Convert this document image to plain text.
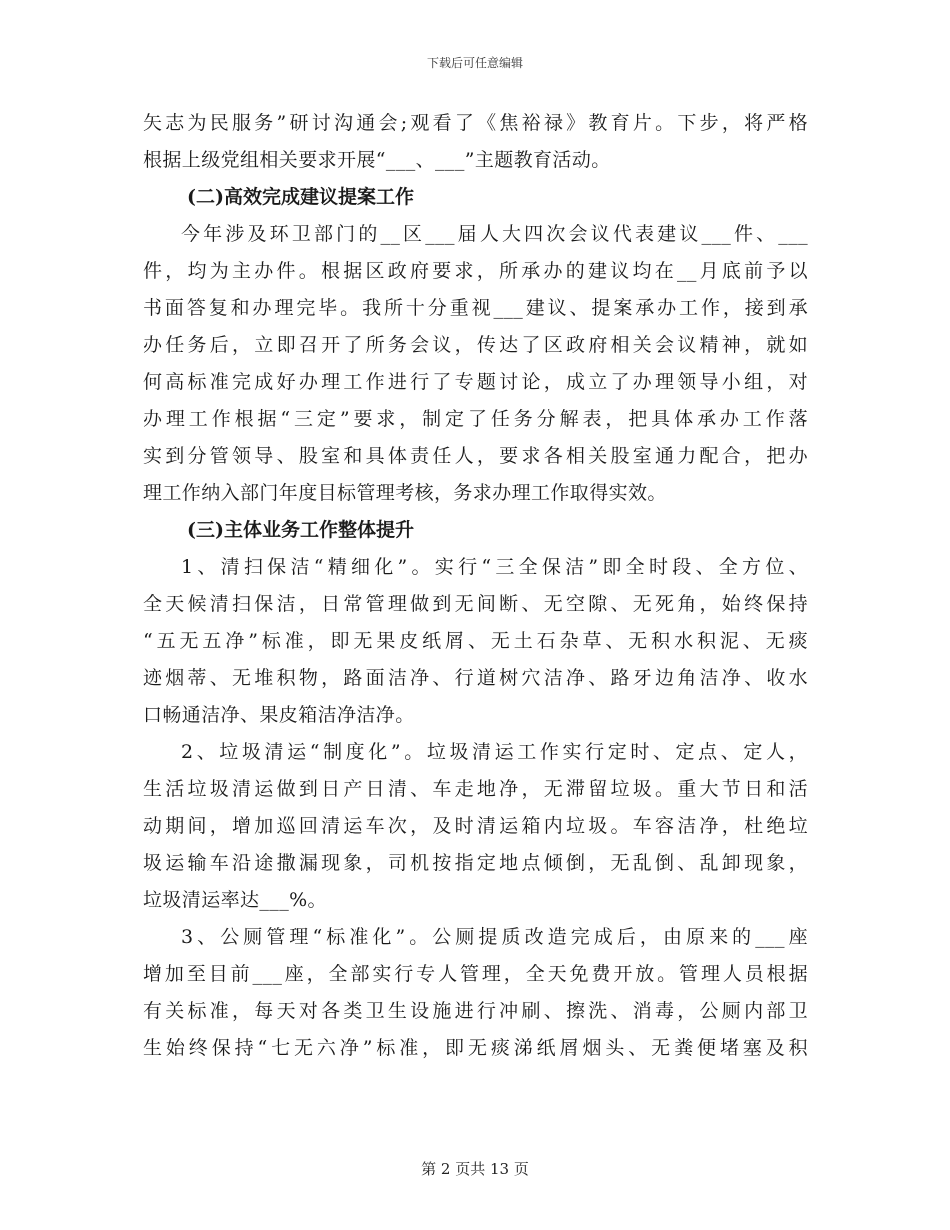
下载后可任意编辑
矢志为民服务”研讨沟通会;观看了《焦裕禄》教育片。下步，将严格
根据上级党组相关要求开展“___、___”主题教育活动。
(二)高效完成建议提案工作
今年涉及环卫部门的__区___届人大四次会议代表建议___件、___
件，均为主办件。根据区政府要求，所承办的建议均在__月底前予以
书面答复和办理完毕。我所十分重视___建议、提案承办工作，接到承
办任务后，立即召开了所务会议，传达了区政府相关会议精神，就如
何高标准完成好办理工作进行了专题讨论，成立了办理领导小组，对
办理工作根据“三定”要求，制定了任务分解表，把具体承办工作落
实到分管领导、股室和具体责任人，要求各相关股室通力配合，把办
理工作纳入部门年度目标管理考核，务求办理工作取得实效。
(三)主体业务工作整体提升
1、清扫保洁“精细化”。实行“三全保洁”即全时段、全方位、
全天候清扫保洁，日常管理做到无间断、无空隙、无死角，始终保持
“五无五净”标准，即无果皮纸屑、无土石杂草、无积水积泥、无痰
迹烟蒂、无堆积物，路面洁净、行道树穴洁净、路牙边角洁净、收水
口畅通洁净、果皮箱洁净洁净。
2、垃圾清运“制度化”。垃圾清运工作实行定时、定点、定人，
生活垃圾清运做到日产日清、车走地净，无滞留垃圾。重大节日和活
动期间，增加巡回清运车次，及时清运箱内垃圾。车容洁净，杜绝垃
圾运输车沿途撒漏现象，司机按指定地点倾倒，无乱倒、乱卸现象，
垃圾清运率达___%。
3、公厕管理“标准化”。公厕提质改造完成后，由原来的___座
增加至目前___座，全部实行专人管理，全天免费开放。管理人员根据
有关标准，每天对各类卫生设施进行冲刷、擦洗、消毒，公厕内部卫
生始终保持“七无六净”标准，即无痰涕纸屑烟头、无粪便堵塞及积
第 2 页共 13 页
